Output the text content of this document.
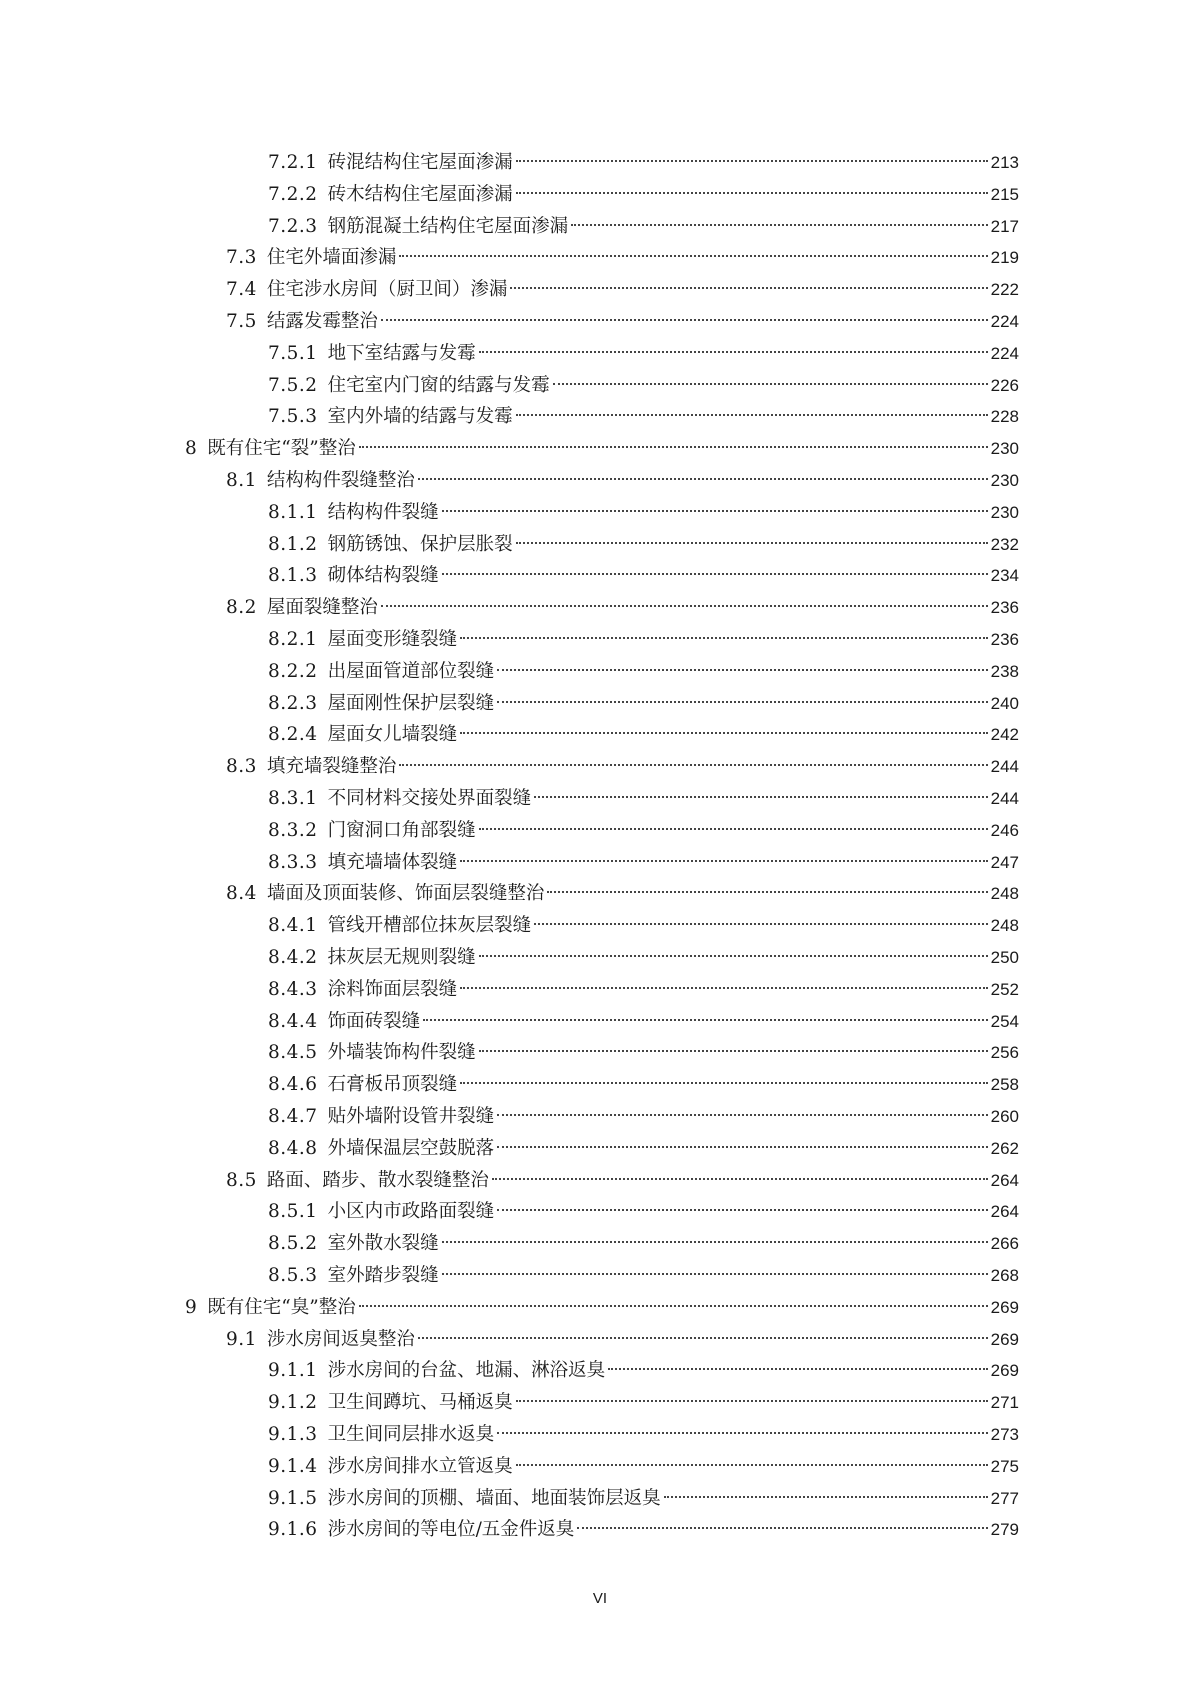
7.2.1 砖混结构住宅屋面渗漏	213
7.2.2 砖木结构住宅屋面渗漏	215
7.2.3 钢筋混凝土结构住宅屋面渗漏	217
7.3 住宅外墙面渗漏	219
7.4 住宅涉水房间（厨卫间）渗漏	222
7.5 结露发霉整治	224
7.5.1 地下室结露与发霉	224
7.5.2 住宅室内门窗的结露与发霉	226
7.5.3 室内外墙的结露与发霉	228
8 既有住宅“裂”整治	230
8.1 结构构件裂缝整治	230
8.1.1 结构构件裂缝	230
8.1.2 钢筋锈蚀、保护层胀裂	232
8.1.3 砌体结构裂缝	234
8.2 屋面裂缝整治	236
8.2.1 屋面变形缝裂缝	236
8.2.2 出屋面管道部位裂缝	238
8.2.3 屋面刚性保护层裂缝	240
8.2.4 屋面女儿墙裂缝	242
8.3 填充墙裂缝整治	244
8.3.1 不同材料交接处界面裂缝	244
8.3.2 门窗洞口角部裂缝	246
8.3.3 填充墙墙体裂缝	247
8.4 墙面及顶面装修、饰面层裂缝整治	248
8.4.1 管线开槽部位抹灰层裂缝	248
8.4.2 抹灰层无规则裂缝	250
8.4.3 涂料饰面层裂缝	252
8.4.4 饰面砖裂缝	254
8.4.5 外墙装饰构件裂缝	256
8.4.6 石膏板吊顶裂缝	258
8.4.7 贴外墙附设管井裂缝	260
8.4.8 外墙保温层空鼓脱落	262
8.5 路面、踏步、散水裂缝整治	264
8.5.1 小区内市政路面裂缝	264
8.5.2 室外散水裂缝	266
8.5.3 室外踏步裂缝	268
9 既有住宅“臭”整治	269
9.1 涉水房间返臭整治	269
9.1.1 涉水房间的台盆、地漏、淋浴返臭	269
9.1.2 卫生间蹲坑、马桶返臭	271
9.1.3 卫生间同层排水返臭	273
9.1.4 涉水房间排水立管返臭	275
9.1.5 涉水房间的顶棚、墙面、地面装饰层返臭	277
9.1.6 涉水房间的等电位/五金件返臭	279
VI
